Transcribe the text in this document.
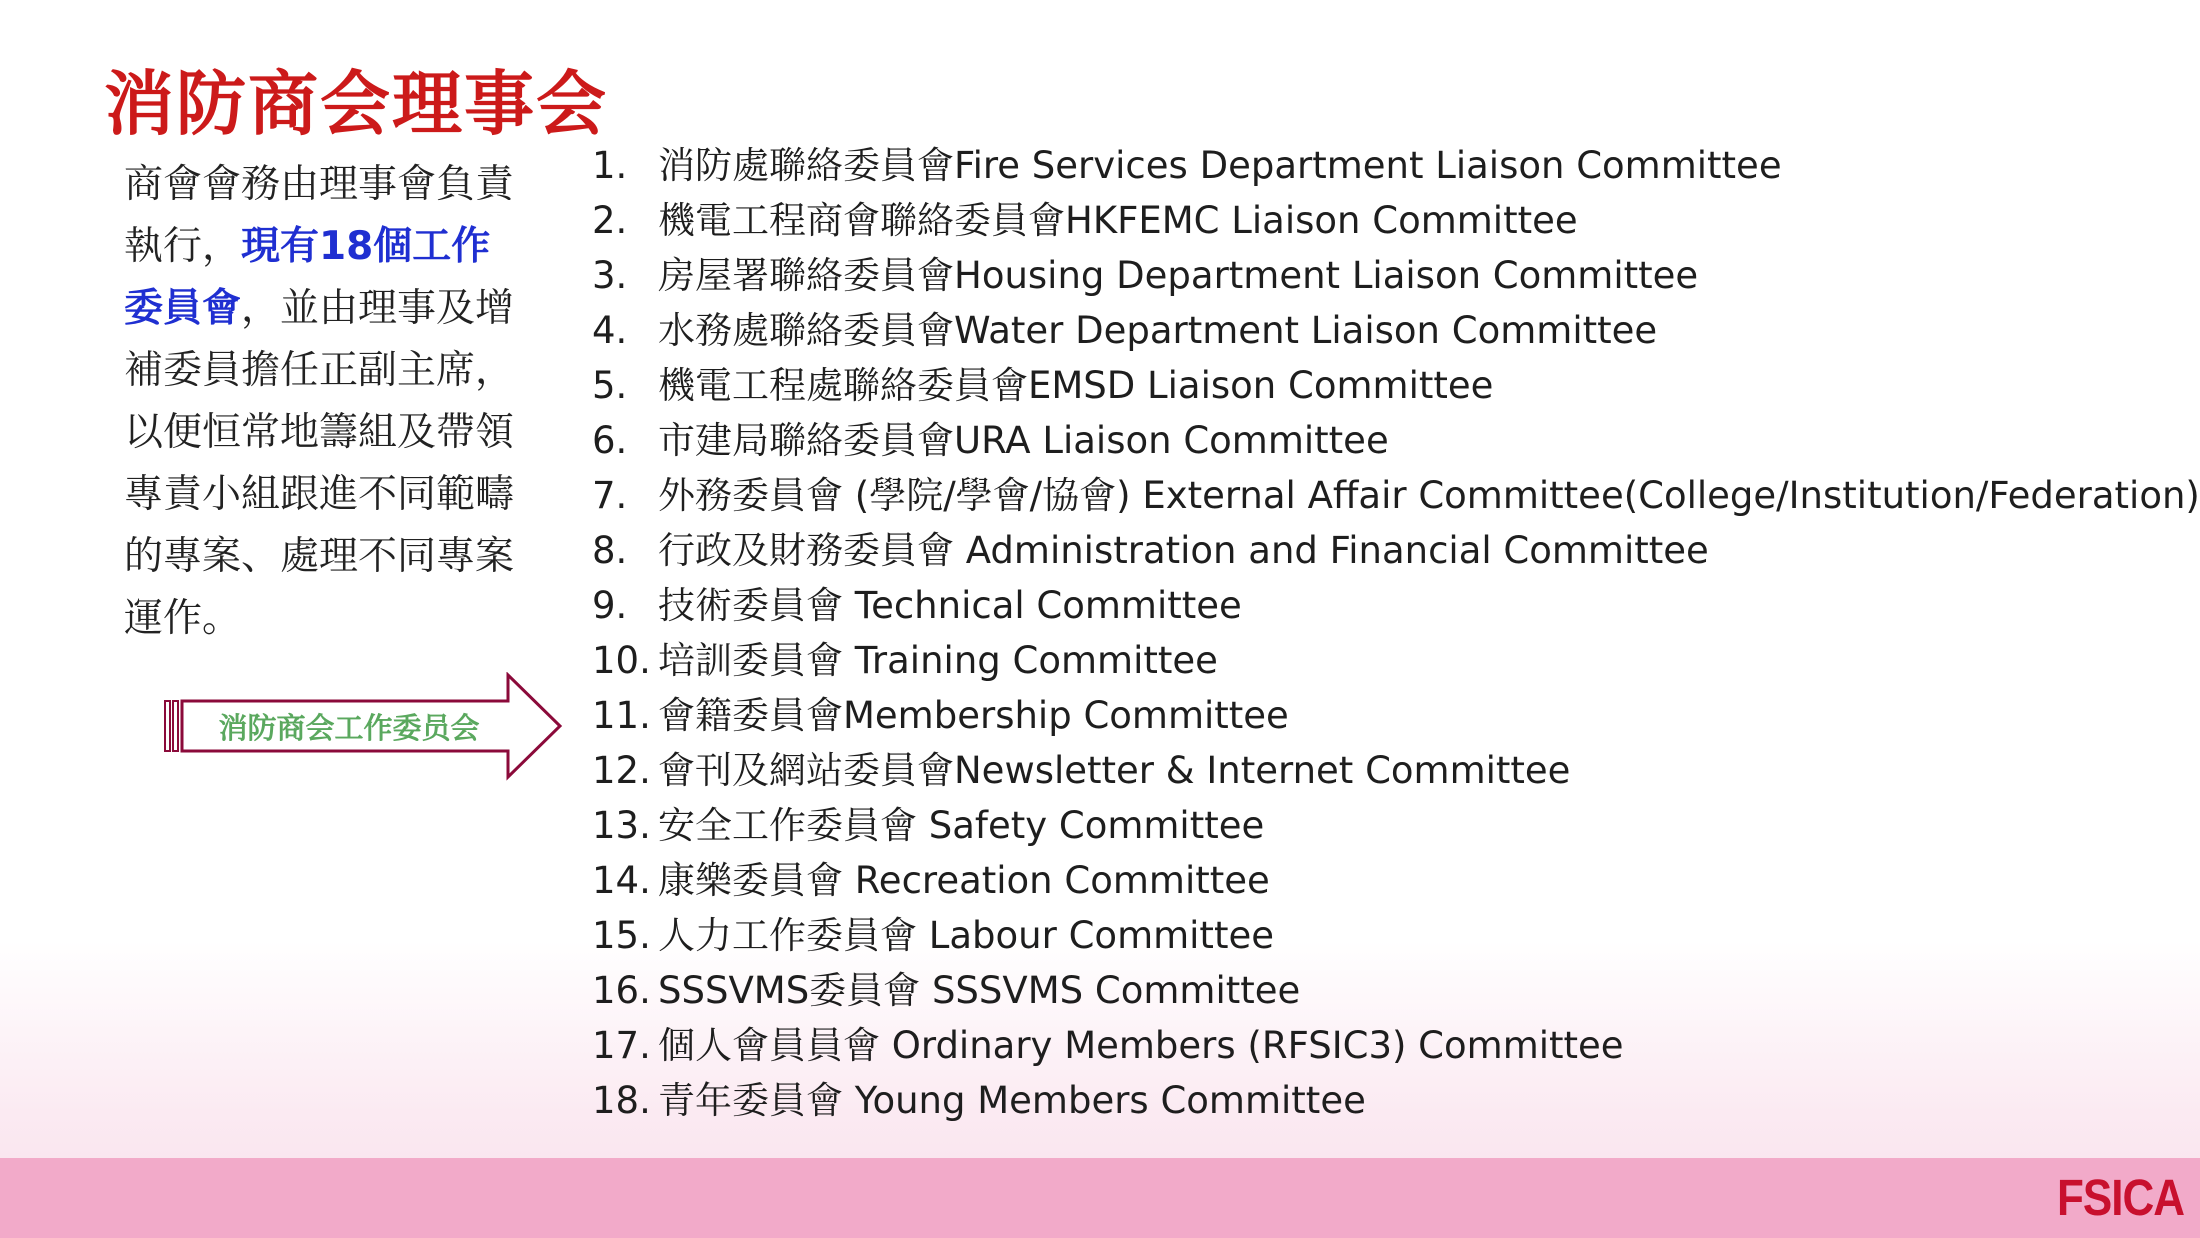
消防商会理事会
商會會務由理事會負責執行，現有18個工作委員會，並由理事及增補委員擔任正副主席，以便恒常地籌組及帶領專責小組跟進不同範疇的專案、處理不同專案運作。
消防商会工作委员会
1. 消防處聯絡委員會Fire Services Department Liaison Committee
2. 機電工程商會聯絡委員會HKFEMC Liaison Committee
3. 房屋署聯絡委員會Housing Department Liaison Committee
4. 水務處聯絡委員會Water Department Liaison Committee
5. 機電工程處聯絡委員會EMSD Liaison Committee
6. 市建局聯絡委員會URA Liaison Committee
7. 外務委員會 (學院/學會/協會) External Affair Committee(College/Institution/Federation)
8. 行政及財務委員會 Administration and Financial Committee
9. 技術委員會 Technical Committee
10. 培訓委員會 Training Committee
11. 會籍委員會Membership Committee
12. 會刊及網站委員會Newsletter & Internet Committee
13. 安全工作委員會 Safety Committee
14. 康樂委員會 Recreation Committee
15. 人力工作委員會 Labour Committee
16. SSSVMS委員會 SSSVMS Committee
17. 個人會員員會 Ordinary Members (RFSIC3) Committee
18. 青年委員會 Young Members Committee
FSICA
